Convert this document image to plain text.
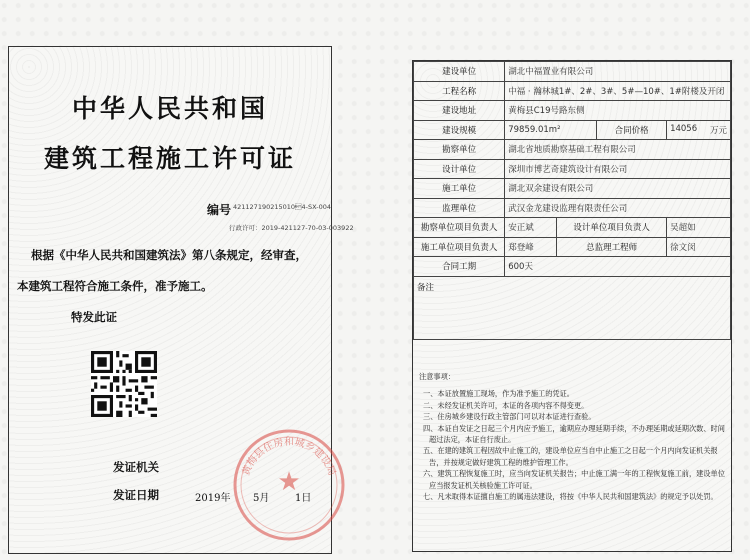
中华人民共和国
建筑工程施工许可证
编号 4211271902150104-SX-004
行政许可：2019-421127-70-03-003922
根据《中华人民共和国建筑法》第八条规定，经审查，
本建筑工程符合施工条件，准予施工。
特发此证
★
黄梅县住房和城乡建设局
发证机关
发证日期	2019年 5月	1日
建设单位	湖北中福置业有限公司			
工程名称	中福 · 瀚林城1#、2#、3#、5#—10#、1#附楼及开闭			
建设地址	黄梅县C19号路东侧			
建设规模	79859.01m²		合同价格	14056 万元

勘察单位	湖北省地质勘察基础工程有限公司			
设计单位	深圳市博艺奇建筑设计有限公司			
施工单位	湖北双余建设有限公司			
监理单位	武汉金龙建设监理有限责任公司			
勘察单位项目负责人	安正斌	设计单位项目负责人		吴超如
施工单位项目负责人	郑登峰	总监理工程师		徐文闵
合同工期	600天			
备注				
注意事项：
一、本证放置施工现场，作为准予施工的凭证。
二、未经发证机关许可，本证的各项内容不得变更。
三、住房城乡建设行政主管部门可以对本证进行查验。
四、本证自发证之日起三个月内应予施工，逾期应办理延期手续，不办理延期或延期次数、时间超过法定，本证自行废止。
五、在建的建筑工程因故中止施工的，建设单位应当自中止施工之日起一个月内向发证机关报告，并按规定做好建筑工程的维护管理工作。
六、建筑工程恢复施工时，应当向发证机关报告；中止施工满一年的工程恢复施工前，建设单位应当报发证机关核验施工许可证。
七、凡未取得本证擅自施工的属违法建设，将按《中华人民共和国建筑法》的规定予以处罚。
